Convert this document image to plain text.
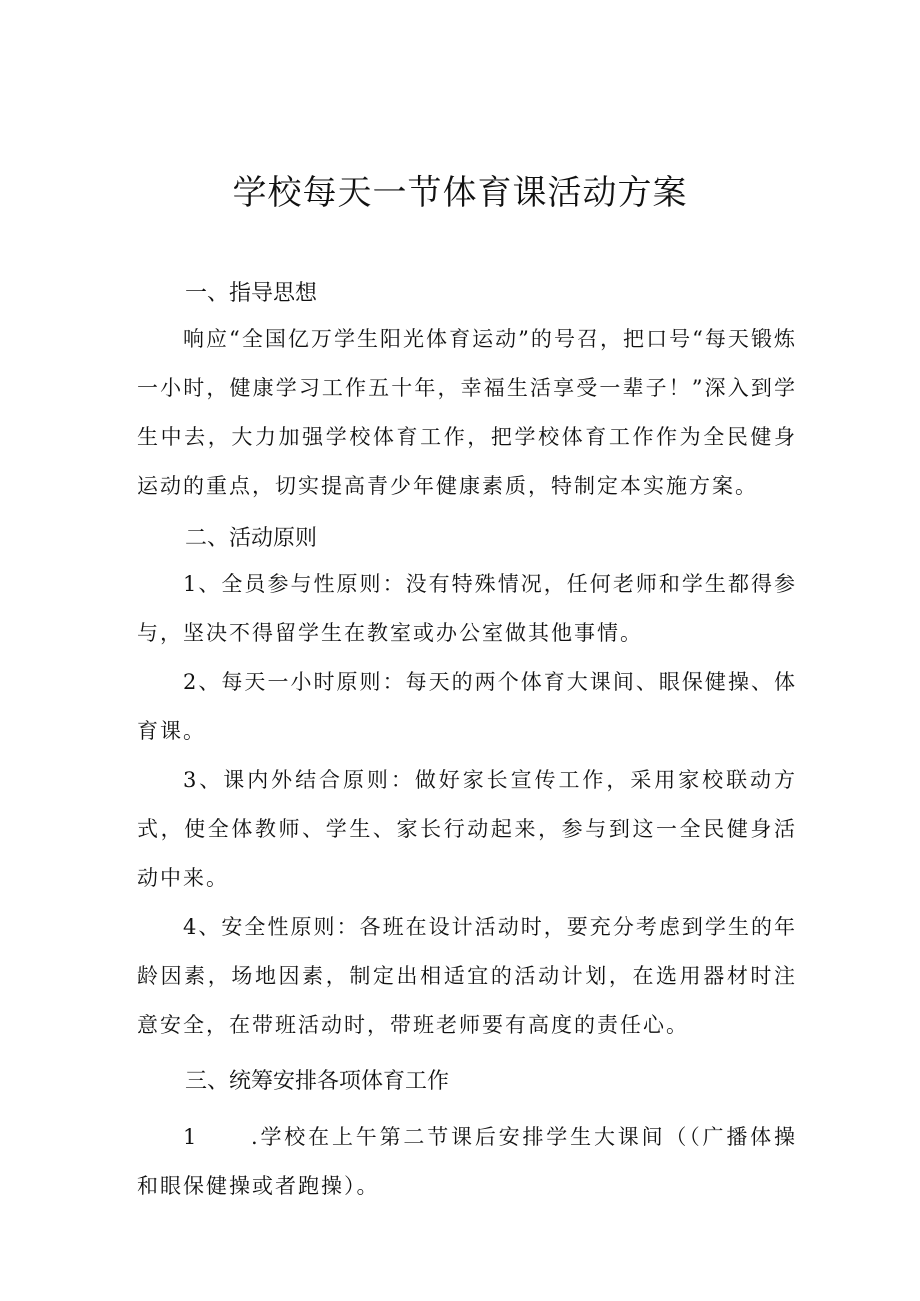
学校每天一节体育课活动方案
一、指导思想

响应“全国亿万学生阳光体育运动”的号召，把口号“每天锻炼一小时，健康学习工作五十年，幸福生活享受一辈子！”深入到学生中去，大力加强学校体育工作，把学校体育工作作为全民健身运动的重点，切实提高青少年健康素质，特制定本实施方案。

二、活动原则

1、全员参与性原则：没有特殊情况，任何老师和学生都得参与，坚决不得留学生在教室或办公室做其他事情。

2、每天一小时原则：每天的两个体育大课间、眼保健操、体育课。

3、课内外结合原则：做好家长宣传工作，采用家校联动方式，使全体教师、学生、家长行动起来，参与到这一全民健身活动中来。

4、安全性原则：各班在设计活动时，要充分考虑到学生的年龄因素，场地因素，制定出相适宜的活动计划，在选用器材时注意安全，在带班活动时，带班老师要有高度的责任心。

三、统筹安排各项体育工作

1	.学校在上午第二节课后安排学生大课间（（广播体操和眼保健操或者跑操）。
